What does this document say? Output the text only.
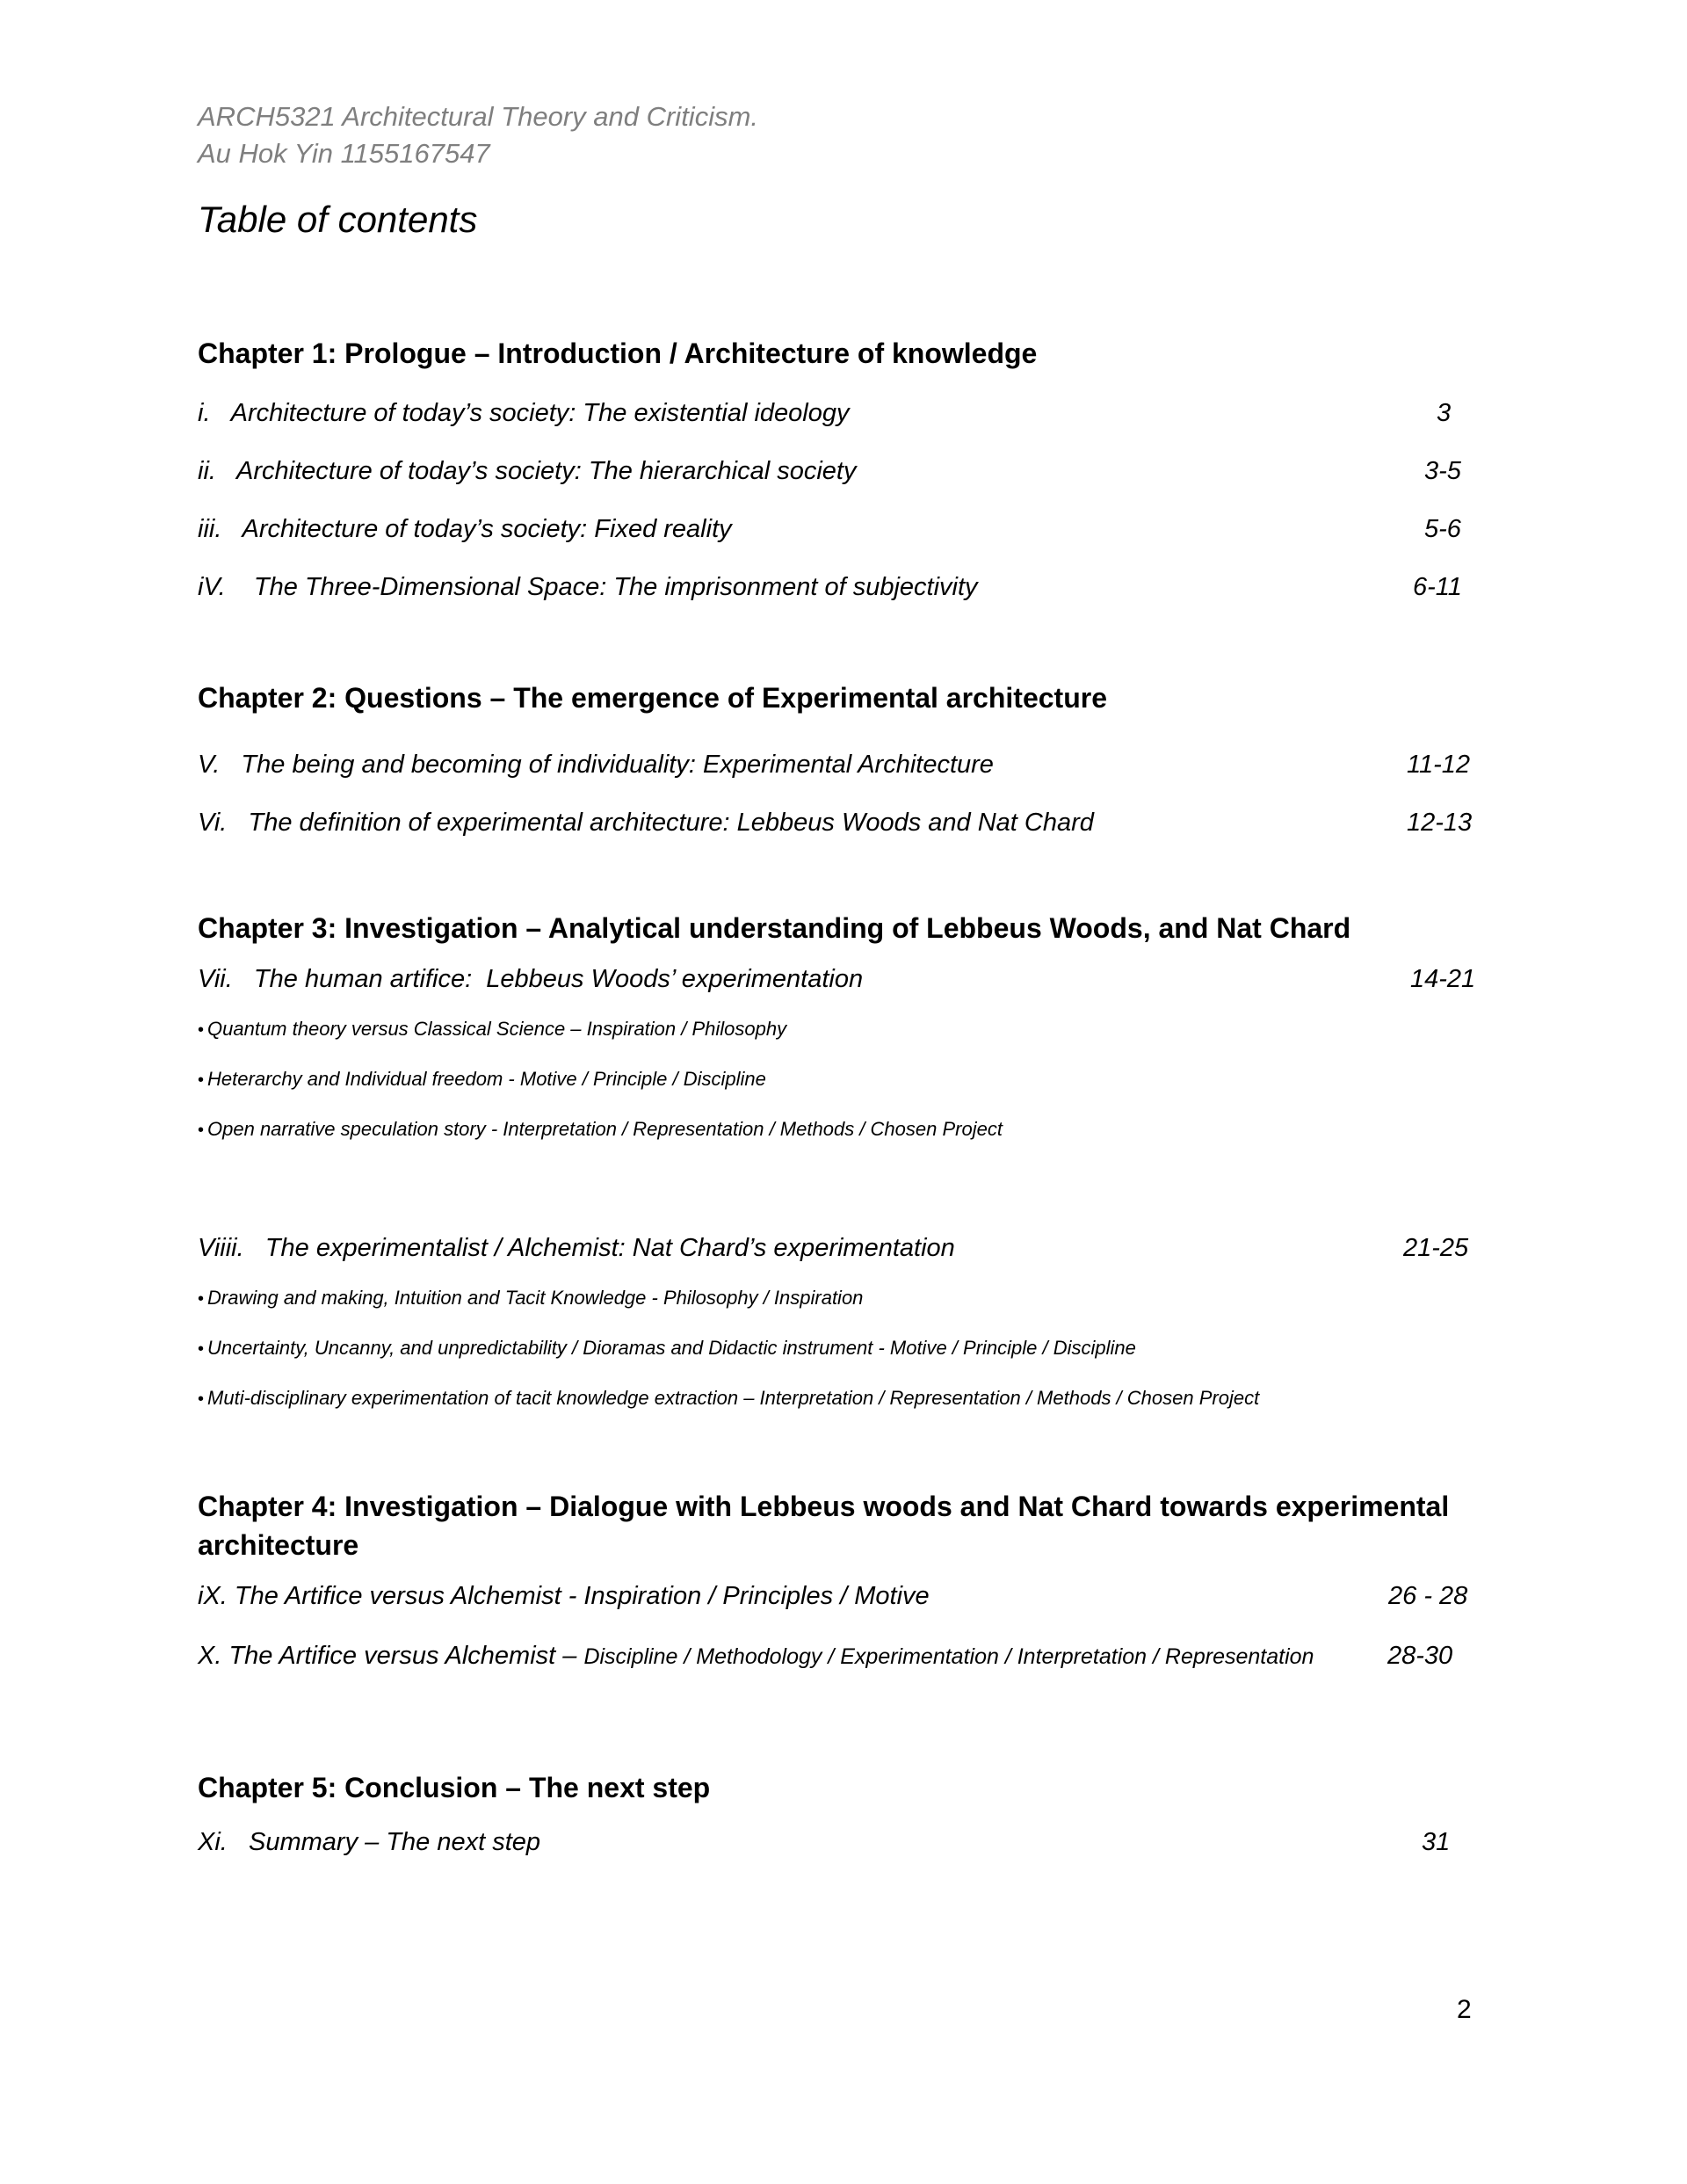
ARCH5321 Architectural Theory and Criticism.
Au Hok Yin 1155167547
Table of contents
Chapter 1: Prologue – Introduction / Architecture of knowledge
i.   Architecture of today’s society: The existential ideology	3
ii.   Architecture of today’s society: The hierarchical society	3-5
iii.   Architecture of today’s society: Fixed reality	5-6
iV.    The Three-Dimensional Space: The imprisonment of subjectivity	6-11
Chapter 2: Questions – The emergence of Experimental architecture
V.   The being and becoming of individuality: Experimental Architecture	11-12
Vi.   The definition of experimental architecture: Lebbeus Woods and Nat Chard	12-13
Chapter 3: Investigation – Analytical understanding of Lebbeus Woods, and Nat Chard
Vii.   The human artifice:  Lebbeus Woods’ experimentation	14-21
• Quantum theory versus Classical Science – Inspiration / Philosophy
• Heterarchy and Individual freedom - Motive / Principle / Discipline
• Open narrative speculation story - Interpretation / Representation / Methods / Chosen Project
Viiii.   The experimentalist / Alchemist: Nat Chard’s experimentation	21-25
• Drawing and making, Intuition and Tacit Knowledge - Philosophy / Inspiration
• Uncertainty, Uncanny, and unpredictability / Dioramas and Didactic instrument - Motive / Principle / Discipline
• Muti-disciplinary experimentation of tacit knowledge extraction – Interpretation / Representation / Methods / Chosen Project
Chapter 4: Investigation – Dialogue with Lebbeus woods and Nat Chard towards experimental
architecture
iX. The Artifice versus Alchemist - Inspiration / Principles / Motive	26 - 28
X. The Artifice versus Alchemist – Discipline / Methodology / Experimentation / Interpretation / Representation	28-30
Chapter 5: Conclusion – The next step
Xi.   Summary – The next step	31
2
